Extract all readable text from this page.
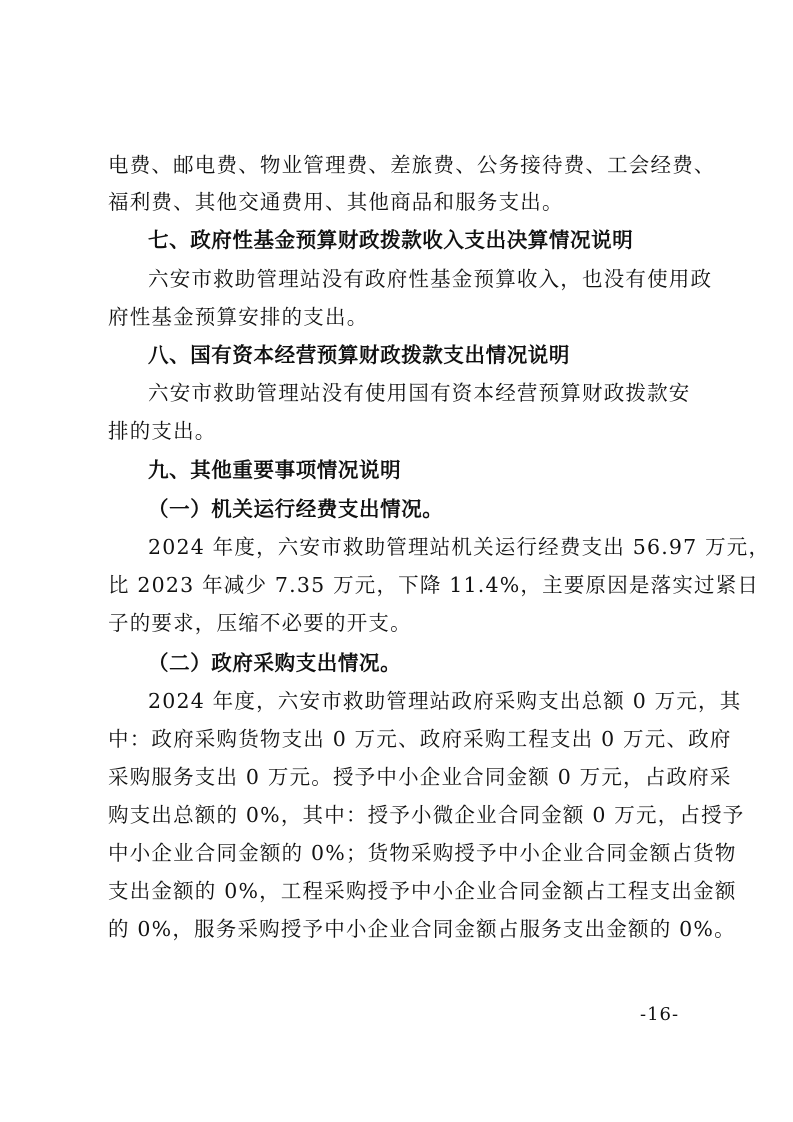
电费、邮电费、物业管理费、差旅费、公务接待费、工会经费、
福利费、其他交通费用、其他商品和服务支出。
七、政府性基金预算财政拨款收入支出决算情况说明
六安市救助管理站没有政府性基金预算收入，也没有使用政
府性基金预算安排的支出。
八、国有资本经营预算财政拨款支出情况说明
六安市救助管理站没有使用国有资本经营预算财政拨款安
排的支出。
九、其他重要事项情况说明
（一）机关运行经费支出情况。
2024 年度，六安市救助管理站机关运行经费支出 56.97 万元，
比 2023 年减少 7.35 万元，下降 11.4%，主要原因是落实过紧日
子的要求，压缩不必要的开支。
（二）政府采购支出情况。
2024 年度，六安市救助管理站政府采购支出总额 0 万元，其
中：政府采购货物支出 0 万元、政府采购工程支出 0 万元、政府
采购服务支出 0 万元。授予中小企业合同金额 0 万元，占政府采
购支出总额的 0%，其中：授予小微企业合同金额 0 万元，占授予
中小企业合同金额的 0%；货物采购授予中小企业合同金额占货物
支出金额的 0%，工程采购授予中小企业合同金额占工程支出金额
的 0%，服务采购授予中小企业合同金额占服务支出金额的 0%。
-16-
